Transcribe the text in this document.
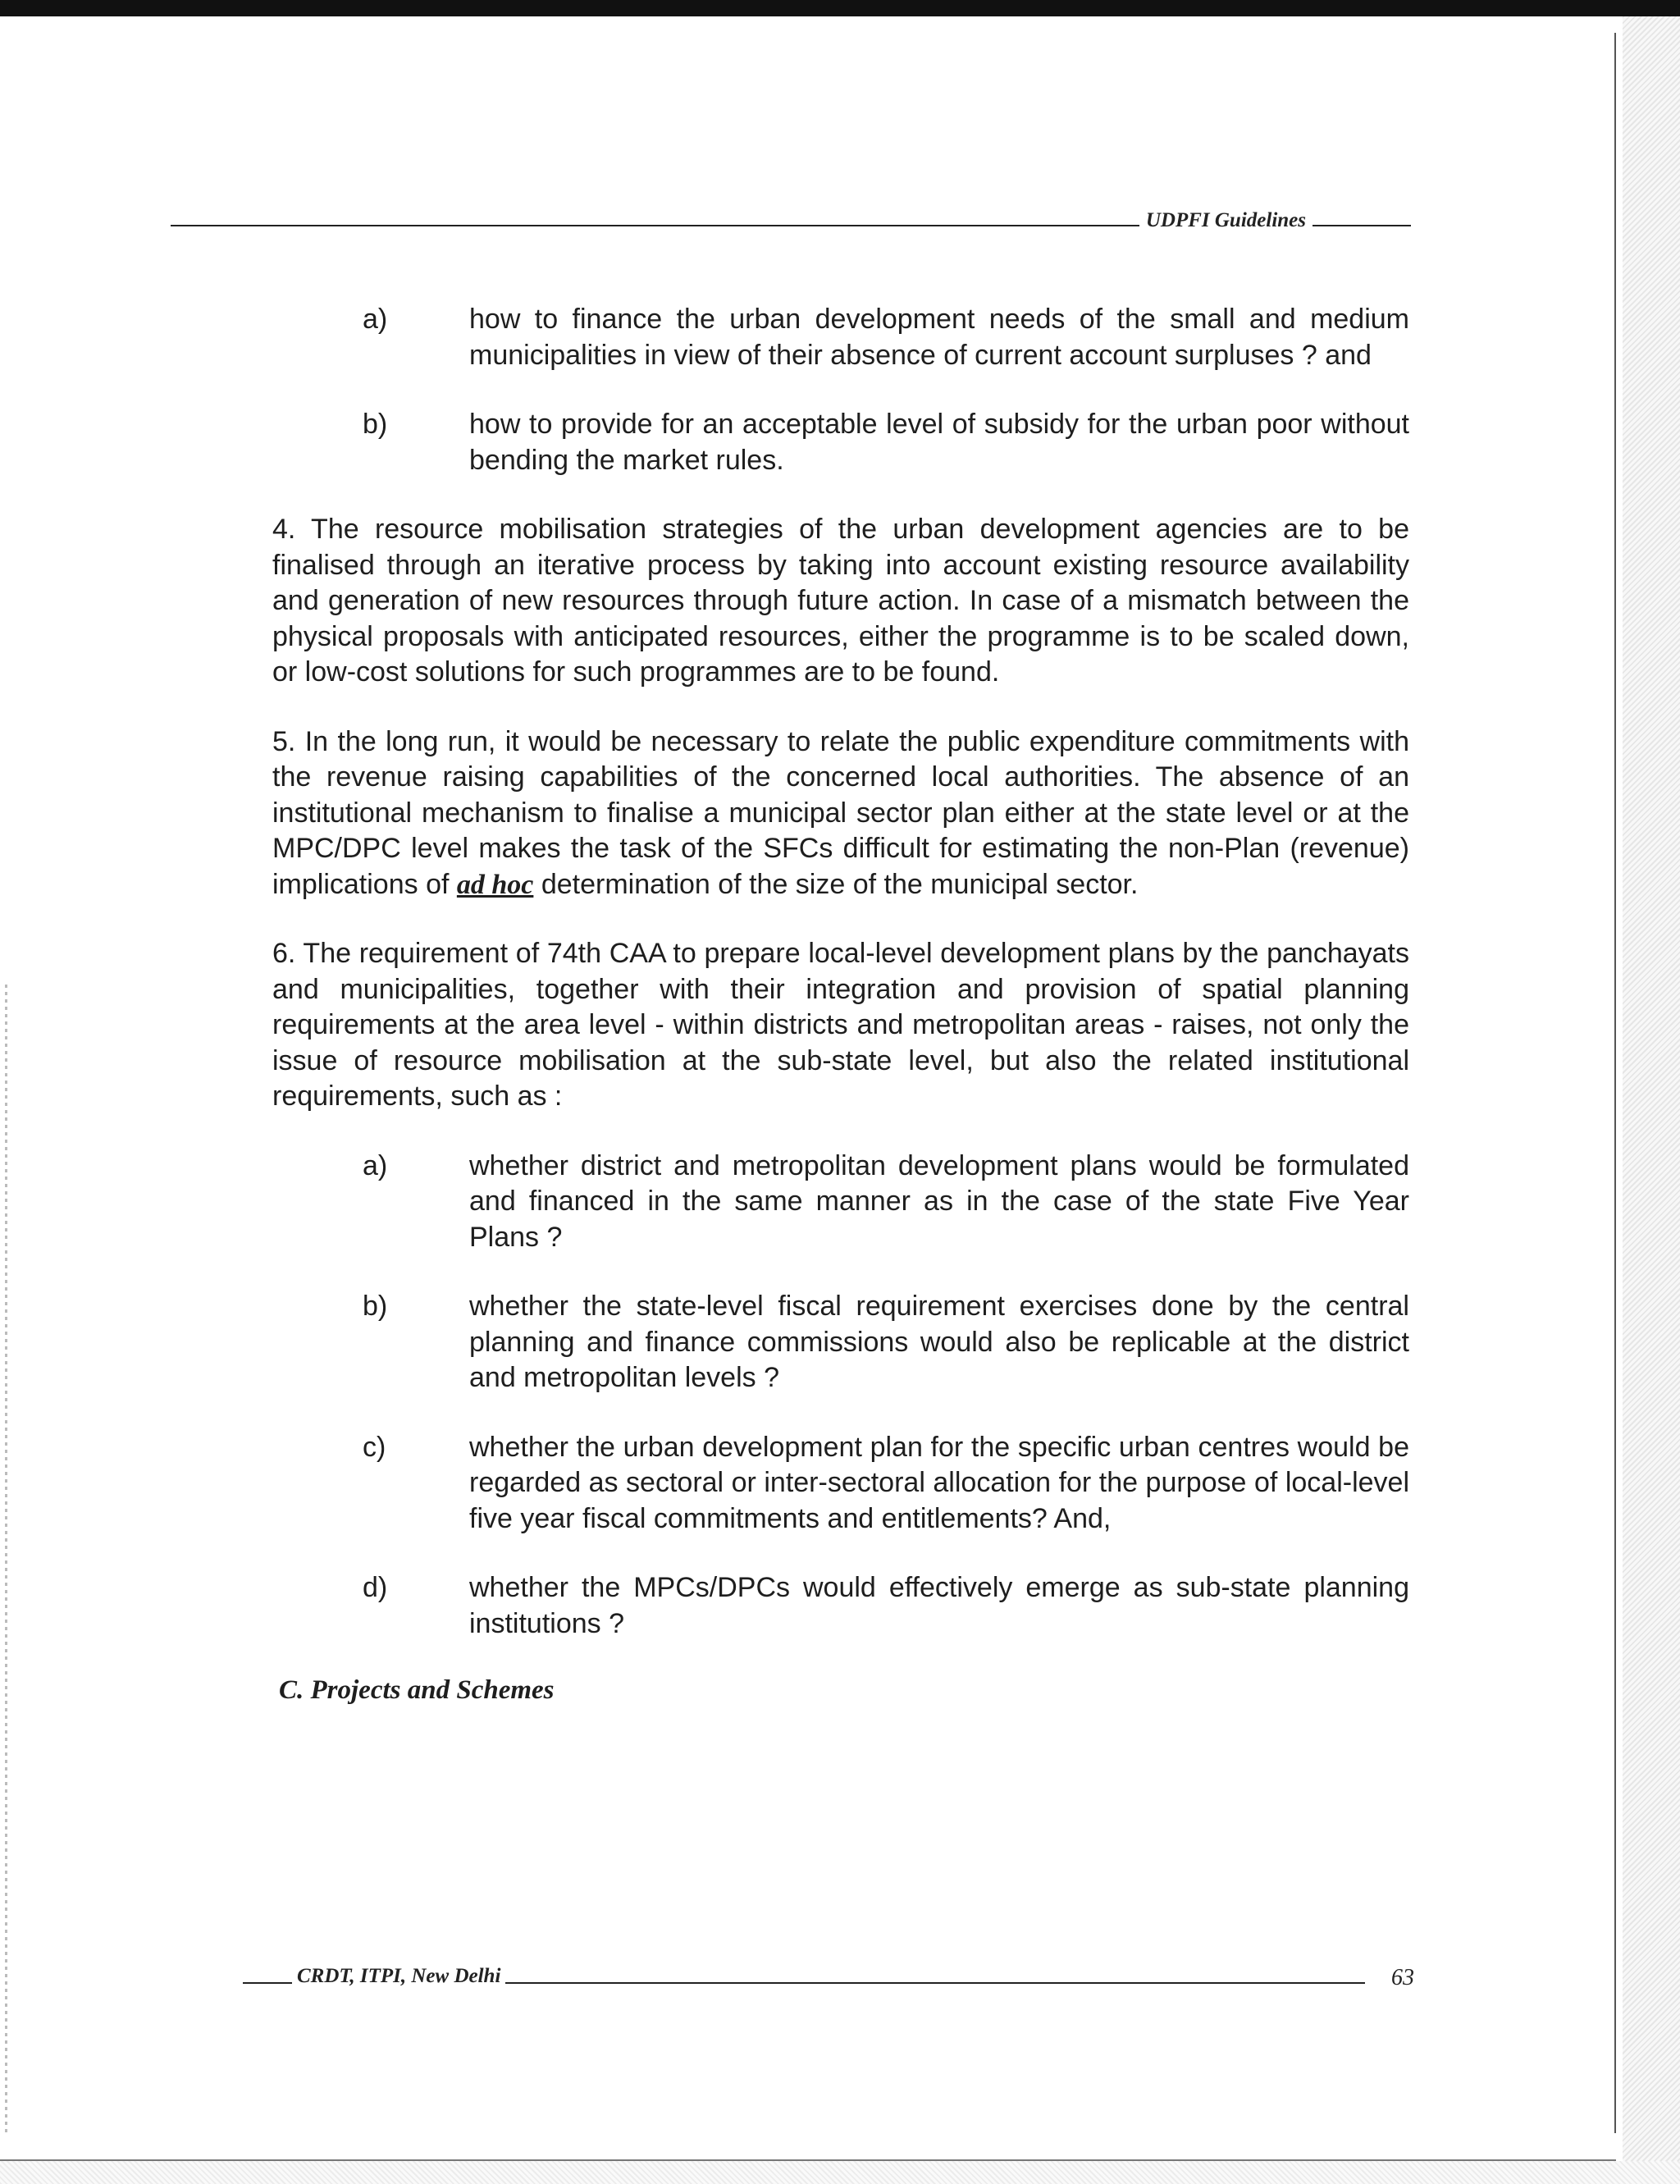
UDPFI Guidelines
a)	how to finance the urban development needs of the small and medium municipalities in view of their absence of current account surpluses ? and
b)	how to provide for an acceptable level of subsidy for the urban poor without bending the market rules.

4. The resource mobilisation strategies of the urban development agencies are to be finalised through an iterative process by taking into account existing resource availability and generation of new resources through future action. In case of a mismatch between the physical proposals with anticipated resources, either the programme is to be scaled down, or low-cost solutions for such programmes are to be found.

5. In the long run, it would be necessary to relate the public expenditure commitments with the revenue raising capabilities of the concerned local authorities. The absence of an institutional mechanism to finalise a municipal sector plan either at the state level or at the MPC/DPC level makes the task of the SFCs difficult for estimating the non-Plan (revenue) implications of ad hoc determination of the size of the municipal sector.

6. The requirement of 74th CAA to prepare local-level development plans by the panchayats and municipalities, together with their integration and provision of spatial planning requirements at the area level - within districts and metropolitan areas - raises, not only the issue of resource mobilisation at the sub-state level, but also the related institutional requirements, such as :

a)	whether district and metropolitan development plans would be formulated and financed in the same manner as in the case of the state Five Year Plans ?
b)	whether the state-level fiscal requirement exercises done by the central planning and finance commissions would also be replicable at the district and metropolitan levels ?
c)	whether the urban development plan for the specific urban centres would be regarded as sectoral or inter-sectoral allocation for the purpose of local-level five year fiscal commitments and entitlements? And,
d)	whether the MPCs/DPCs would effectively emerge as sub-state planning institutions ?
C. Projects and Schemes
CRDT, ITPI, New Delhi	63
